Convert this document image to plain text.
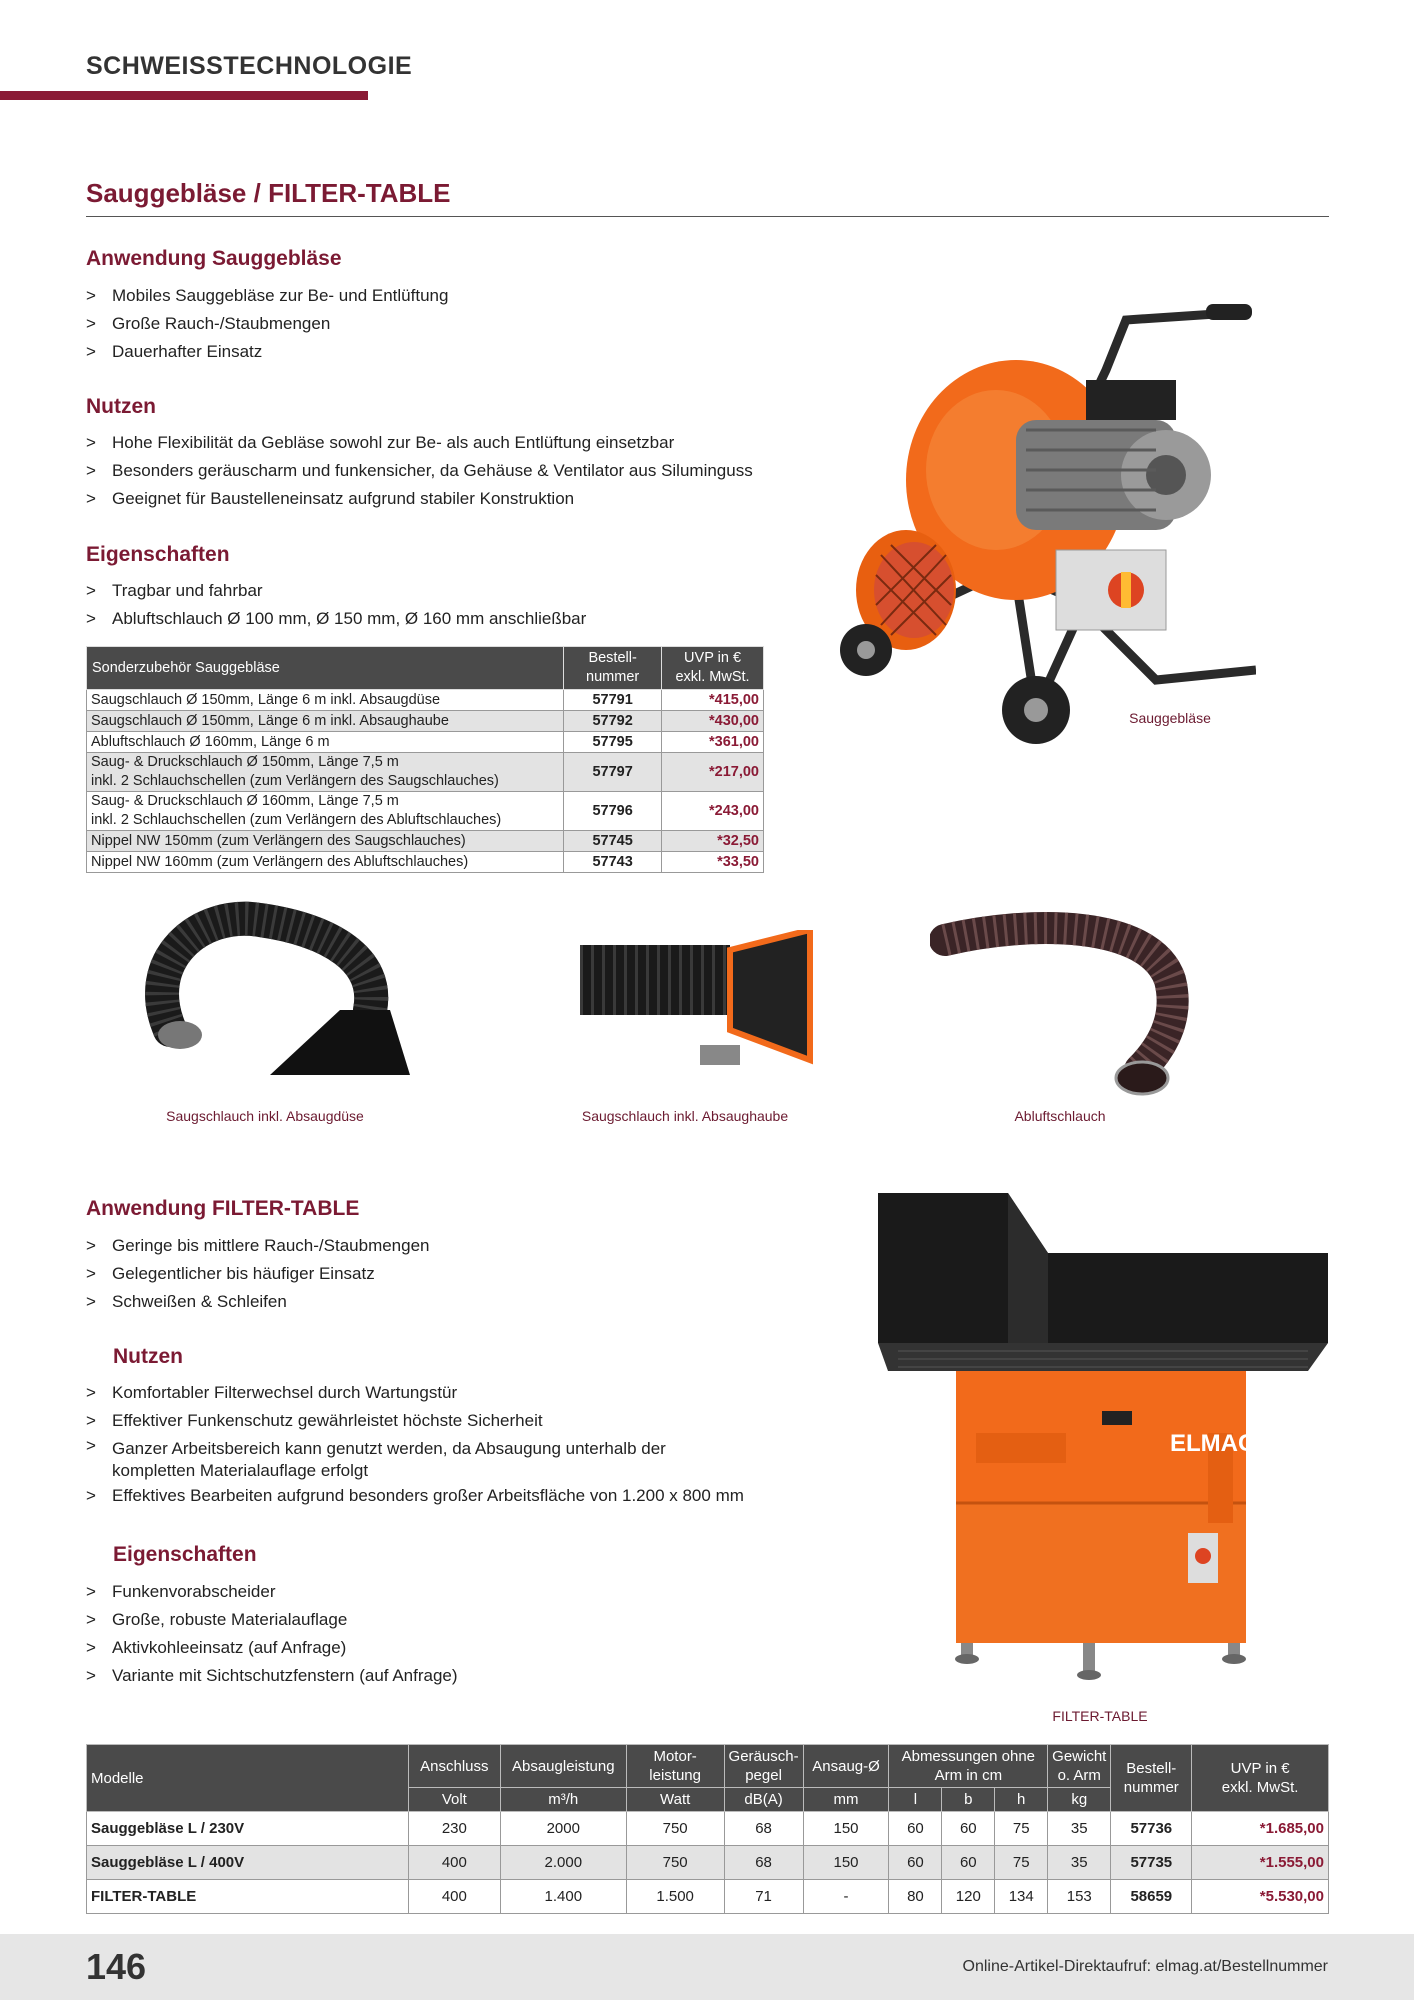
SCHWEISSTECHNOLOGIE
Sauggebläse / FILTER-TABLE
Anwendung Sauggebläse
> Mobiles Sauggebläse zur Be- und Entlüftung
> Große Rauch-/Staubmengen
> Dauerhafter Einsatz
Nutzen
> Hohe Flexibilität da Gebläse sowohl zur Be- als auch Entlüftung einsetzbar
> Besonders geräuscharm und funkensicher, da Gehäuse & Ventilator aus Siluminguss
> Geeignet für Baustelleneinsatz aufgrund stabiler Konstruktion
Eigenschaften
> Tragbar und fahrbar
> Abluftschlauch Ø 100 mm, Ø 150 mm, Ø 160 mm anschließbar
Sonderzubehör Sauggebläse	Bestell-
nummer	UVP in €
exkl. MwSt.
Saugschlauch Ø 150mm, Länge 6 m inkl. Absaugdüse	57791	*415,00
Saugschlauch Ø 150mm, Länge 6 m inkl. Absaughaube	57792	*430,00
Abluftschlauch Ø 160mm, Länge 6 m	57795	*361,00
Saug- & Druckschlauch Ø 150mm, Länge 7,5 m
inkl. 2 Schlauchschellen (zum Verlängern des Saugschlauches)	57797	*217,00
Saug- & Druckschlauch Ø 160mm, Länge 7,5 m
inkl. 2 Schlauchschellen (zum Verlängern des Abluftschlauches)	57796	*243,00
Nippel NW 150mm (zum Verlängern des Saugschlauches)	57745	*32,50
Nippel NW 160mm (zum Verlängern des Abluftschlauches)	57743	*33,50
Sauggebläse
Saugschlauch inkl. Absaugdüse	Saugschlauch inkl. Absaughaube	Abluftschlauch
Anwendung FILTER-TABLE
> Geringe bis mittlere Rauch-/Staubmengen
> Gelegentlicher bis häufiger Einsatz
> Schweißen & Schleifen
Nutzen
> Komfortabler Filterwechsel durch Wartungstür
> Effektiver Funkenschutz gewährleistet höchste Sicherheit
> Ganzer Arbeitsbereich kann genutzt werden, da Absaugung unterhalb der
kompletten Materialauflage erfolgt
> Effektives Bearbeiten aufgrund besonders großer Arbeitsfläche von 1.200 x 800 mm
Eigenschaften
> Funkenvorabscheider
> Große, robuste Materialauflage
> Aktivkohleeinsatz (auf Anfrage)
> Variante mit Sichtschutzfenstern (auf Anfrage)
ELMAG
FILTER-TABLE
Modelle	Anschluss	Absaugleistung	Motor-
leistung	Geräusch-
pegel	Ansaug-Ø	Abmessungen ohne
Arm in cm			Gewicht
o. Arm	Bestell-
nummer	UVP in €
exkl. MwSt.
	Volt	m³/h	Watt	dB(A)	mm	l	b	h	kg		
Sauggebläse L / 230V	230	2000	750	68	150	60	60	75	35	57736	*1.685,00
Sauggebläse L / 400V	400	2.000	750	68	150	60	60	75	35	57735	*1.555,00
FILTER-TABLE	400	1.400	1.500	71	-	80	120	134	153	58659	*5.530,00
146	Online-Artikel-Direktaufruf: elmag.at/Bestellnummer
